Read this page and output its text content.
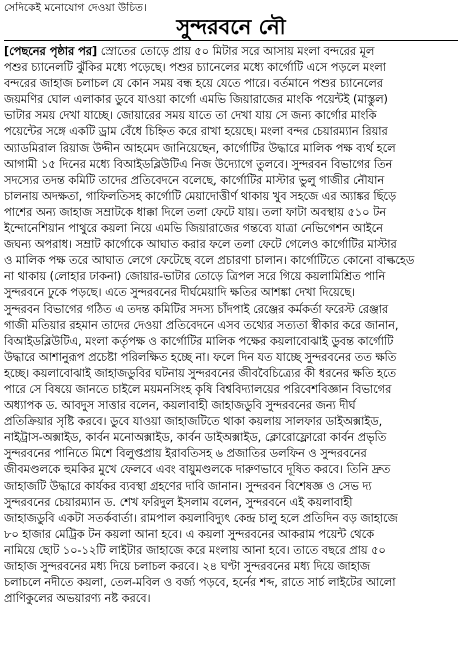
সেদিকেই মনোযোগ দেওয়া উচিত।
সুন্দরবনে নৌ
[পেছনের পৃষ্ঠার পর] স্রোতের তোড়ে প্রায় ৫০ মিটার সরে আসায় মংলা বন্দরের মূল
পশুর চ্যানেলটি ঝুঁকির মধ্যে পড়েছে। পশুর চ্যানেলের মধ্যে কার্গোটি এসে পড়লে মংলা
বন্দরের জাহাজ চলাচল যে কোন সময় বন্ধ হয়ে যেতে পারে। বর্তমানে পশুর চ্যানেলের
জয়মণির ঘোল এলাকার ডুবে যাওয়া কার্গো এমভি জিয়ারাজের মাংকি পয়েন্টই (মাস্তুল)
ভাটার সময় দেখা যাচ্ছে। জোয়ারের সময় যাতে তা দেখা যায় সে জন্য কার্গোর মাংকি
পয়েন্টের সঙ্গে একটি ড্রাম বেঁধে চিহ্নিত করে রাখা হয়েছে। মংলা বন্দর চেয়ারম্যান রিয়ার
অ্যাডমিরাল রিয়াজ উদ্দীন আহমেদ জানিয়েছেন, কার্গোটির উদ্ধারে মালিক পক্ষ ব্যর্থ হলে
আগামী ১৫ দিনের মধ্যে বিআইডব্লিউটিএ নিজ উদ্যোগে তুলবে। সুন্দরবন বিভাগের তিন
সদস্যের তদন্ত কমিটি তাদের প্রতিবেদনে বলেছে, কার্গোটির মাস্টার ভুলু গাজীর নৌযান
চালনায় অদক্ষতা, গাফিলতিসহ কার্গোটি মেয়াদোত্তীর্ণ থাকায় খুব সহজে এর অ্যাঙ্কর ছিঁড়ে
পাশের অন্য জাহাজ সম্রাটকে ধাক্কা দিলে তলা ফেটে যায়। তলা ফাটা অবস্থায় ৫১০ টন
ইন্দোনেশিয়ান পাথুরে কয়লা নিয়ে এমভি জিয়ারাজের গন্তব্যে যাত্রা নেভিগেশন আইনে
জঘন্য অপরাধ। সম্রাট কার্গোকে আঘাত করার ফলে তলা ফেটে গেলেও কার্গোটির মাস্টার
ও মালিক পক্ষ তরে আঘাত লেগে ফেটেছে বলে প্রচারণা চালান। কার্গোটিতে কোনো বাল্কহেড
না থাকায় (লোহার ঢাকনা) জোয়ার-ভাটার তোড়ে ত্রিপল সরে গিয়ে কয়লামিশ্রিত পানি
সুন্দরবনে ঢুকে পড়ছে। এতে সুন্দরবনের দীর্ঘমেয়াদি ক্ষতির আশঙ্কা দেখা দিয়েছে।
সুন্দরবন বিভাগের গঠিত এ তদন্ত কমিটির সদস্য চাঁদপাই রেঞ্জের কর্মকর্তা ফরেস্ট রেঞ্জার
গাজী মতিয়ার রহমান তাদের দেওয়া প্রতিবেদনে এসব তথ্যের সত্যতা স্বীকার করে জানান,
বিআইডব্লিউটিএ, মংলা কর্তৃপক্ষ ও কার্গোটির মালিক পক্ষের কয়লাবোঝাই ডুবন্ত কার্গোটি
উদ্ধারে আশানুরূপ প্রচেষ্টা পরিলক্ষিত হচ্ছে না। ফলে দিন যত যাচ্ছে সুন্দরবনের তত ক্ষতি
হচ্ছে। কয়লাবোঝাই জাহাজডুবির ঘটনায় সুন্দরবনের জীববৈচিত্র্যের কী ধরনের ক্ষতি হতে
পারে সে বিষয়ে জানতে চাইলে ময়মনসিংহ কৃষি বিশ্ববিদ্যালয়ের পরিবেশবিজ্ঞান বিভাগের
অধ্যাপক ড. আবদুস সাত্তার বলেন, কয়লাবাহী জাহাজডুবি সুন্দরবনের জন্য দীর্ঘ
প্রতিক্রিয়ার সৃষ্টি করবে। ডুবে যাওয়া জাহাজটিতে থাকা কয়লায় সালফার ডাইঅক্সাইড,
নাইট্রাস-অক্সাইড, কার্বন মনোঅক্সাইড, কার্বন ডাইঅক্সাইড, ক্লোরোফ্লোরো কার্বন প্রভৃতি
সুন্দরবনের পানিতে মিশে বিলুপ্তপ্রায় ইরাবতিসহ ৬ প্রজাতির ডলফিন ও সুন্দরবনের
জীবমণ্ডলকে হুমকির মুখে ফেলবে এবং বায়ুমণ্ডলকে দারুণভাবে দূষিত করবে। তিনি দ্রুত
জাহাজটি উদ্ধারে কার্যকর ব্যবস্থা গ্রহণের দাবি জানান। সুন্দরবন বিশেষজ্ঞ ও সেভ দ্য
সুন্দরবনের চেয়ারম্যান ড. শেখ ফরিদুল ইসলাম বলেন, সুন্দরবনে এই কয়লাবাহী
জাহাজডুবি একটা সতর্কবার্তা। রামপাল কয়লাবিদ্যুৎ কেন্দ্র চালু হলে প্রতিদিন বড় জাহাজে
৮০ হাজার মেট্রিক টন কয়লা আনা হবে। এ কয়লা সুন্দরবনের আকরাম পয়েন্ট থেকে
নামিয়ে ছোট ১০-১২টি লাইটার জাহাজে করে মংলায় আনা হবে। তাতে বছরে প্রায় ৫০
জাহাজ সুন্দরবনের মধ্য দিয়ে চলাচল করবে। ২৪ ঘণ্টা সুন্দরবনের মধ্য দিয়ে জাহাজ
চলাচলে নদীতে কয়লা, তেল-মবিল ও বর্জ্য পড়বে, হর্নের শব্দ, রাতে সার্চ লাইটের আলো
প্রাণিকুলের অভয়ারণ্য নষ্ট করবে।
